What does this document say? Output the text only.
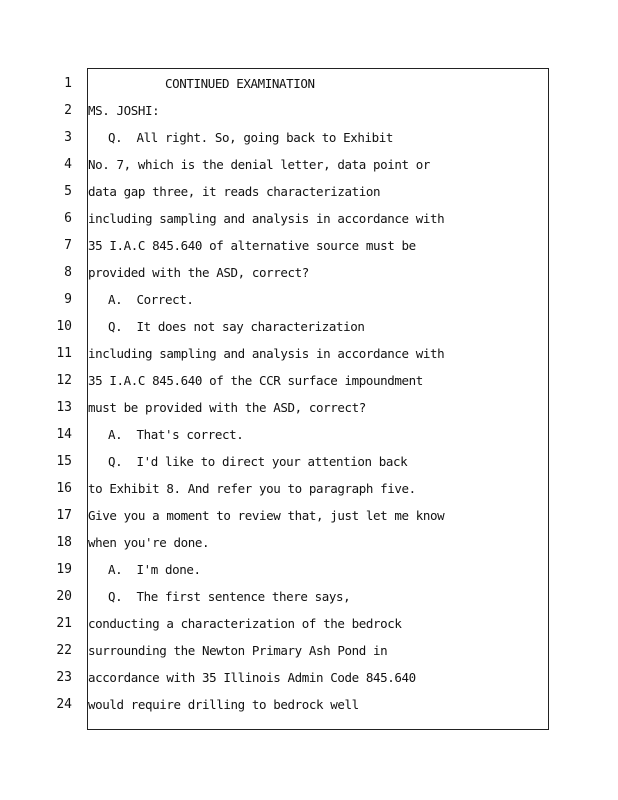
1
2
3
4
5
6
7
8
9
10
11
12
13
14
15
16
17
18
19
20
21
22
23
24
CONTINUED EXAMINATION
MS. JOSHI:
Q.  All right. So, going back to Exhibit
No. 7, which is the denial letter, data point or
data gap three, it reads characterization
including sampling and analysis in accordance with
35 I.A.C 845.640 of alternative source must be
provided with the ASD, correct?
A.  Correct.
Q.  It does not say characterization
including sampling and analysis in accordance with
35 I.A.C 845.640 of the CCR surface impoundment
must be provided with the ASD, correct?
A.  That's correct.
Q.  I'd like to direct your attention back
to Exhibit 8. And refer you to paragraph five.
Give you a moment to review that, just let me know
when you're done.
A.  I'm done.
Q.  The first sentence there says,
conducting a characterization of the bedrock
surrounding the Newton Primary Ash Pond in
accordance with 35 Illinois Admin Code 845.640
would require drilling to bedrock well
